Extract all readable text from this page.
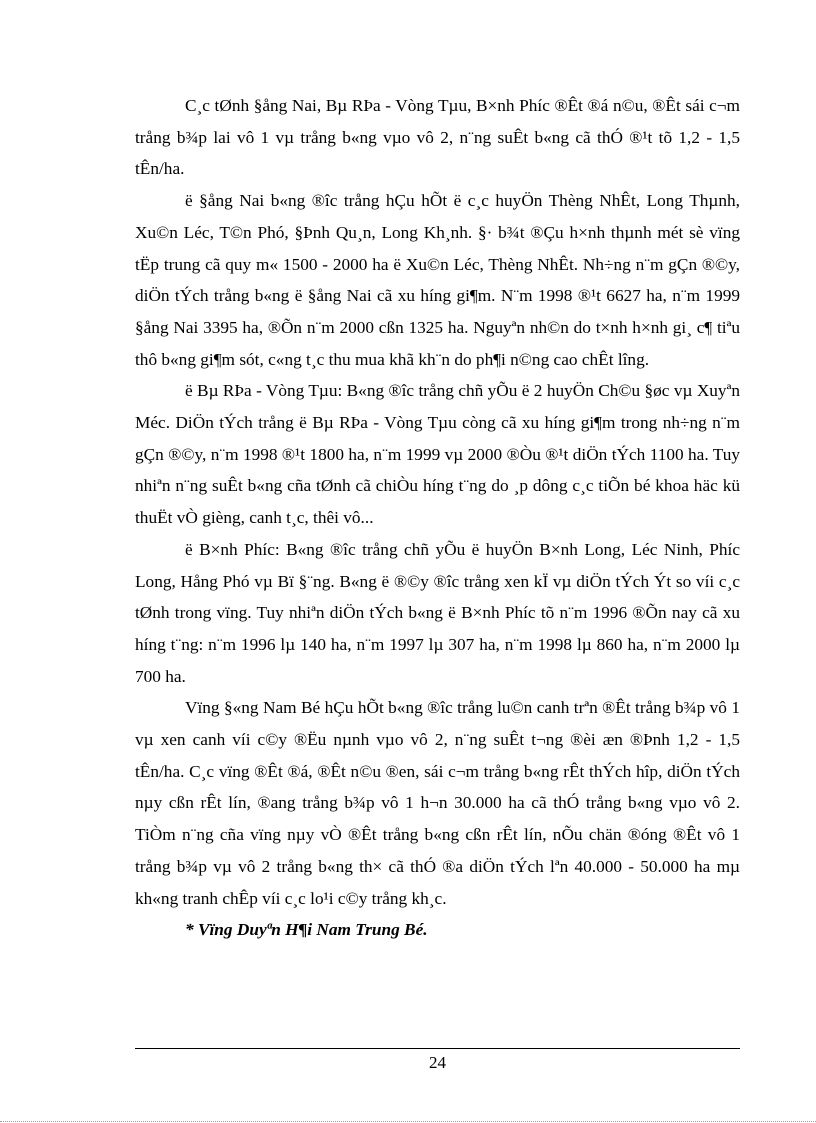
C¸c tØnh §ång Nai, Bµ RÞa - Vòng Tµu, B×nh Phíc ®Êt ®á n©u, ®Êt sái c¬m trång b¾p lai vô 1 vµ trång b«ng vµo vô 2, n¨ng suÊt b«ng cã thÓ ®¹t tõ 1,2 - 1,5 tÊn/ha.

ë §ång Nai b«ng ®îc trång hÇu hÕt ë c¸c huyÖn Thèng NhÊt, Long Thµnh, Xu©n Léc, T©n Phó, §Þnh Qu¸n, Long Kh¸nh. §· b¾t ®Çu h×nh thµnh mét sè vïng tËp trung cã quy m« 1500 - 2000 ha ë Xu©n Léc, Thèng NhÊt. Nh÷ng n¨m gÇn ®©y, diÖn tÝch trång b«ng ë §ång Nai cã xu híng gi¶m. N¨m 1998 ®¹t 6627 ha, n¨m 1999 §ång Nai 3395 ha, ®Õn n¨m 2000 cßn 1325 ha. Nguyªn nh©n do t×nh h×nh gi¸ c¶ tiªu thô b«ng gi¶m sót, c«ng t¸c thu mua khã kh¨n do ph¶i n©ng cao chÊt lîng.

ë Bµ RÞa - Vòng Tµu: B«ng ®îc trång chñ yÕu ë 2 huyÖn Ch©u §øc vµ Xuyªn Méc. DiÖn tÝch trång ë Bµ RÞa - Vòng Tµu còng cã xu híng gi¶m trong nh÷ng n¨m gÇn ®©y, n¨m 1998 ®¹t 1800 ha, n¨m 1999 vµ 2000 ®Òu ®¹t diÖn tÝch 1100 ha. Tuy nhiªn n¨ng suÊt b«ng cña tØnh cã chiÒu híng t¨ng do ¸p dông c¸c tiÕn bé khoa häc kü thuËt vÒ gièng, canh t¸c, thêi vô...

ë B×nh Phíc: B«ng ®îc trång chñ yÕu ë huyÖn B×nh Long, Léc Ninh, Phíc Long, Hång Phó vµ Bï §¨ng. B«ng ë ®©y ®îc trång xen kÏ vµ diÖn tÝch Ýt so víi c¸c tØnh trong vïng. Tuy nhiªn diÖn tÝch b«ng ë B×nh Phíc tõ n¨m 1996 ®Õn nay cã xu híng t¨ng: n¨m 1996 lµ 140 ha, n¨m 1997 lµ 307 ha, n¨m 1998 lµ 860 ha, n¨m 2000 lµ 700 ha.

Vïng §«ng Nam Bé hÇu hÕt b«ng ®îc trång lu©n canh trªn ®Êt trång b¾p vô 1 vµ xen canh víi c©y ®Ëu nµnh vµo vô 2, n¨ng suÊt t¬ng ®èi æn ®Þnh 1,2 - 1,5 tÊn/ha. C¸c vïng ®Êt ®á, ®Êt n©u ®en, sái c¬m trång b«ng rÊt thÝch hîp, diÖn tÝch nµy cßn rÊt lín, ®ang trång b¾p vô 1 h¬n 30.000 ha cã thÓ trång b«ng vµo vô 2. TiÒm n¨ng cña vïng nµy vÒ ®Êt trång b«ng cßn rÊt lín, nÕu chän ®óng ®Êt vô 1 trång b¾p vµ vô 2 trång b«ng th× cã thÓ ®a diÖn tÝch lªn 40.000 - 50.000 ha mµ kh«ng tranh chÊp víi c¸c lo¹i c©y trång kh¸c.

* Vïng Duyªn H¶i Nam Trung Bé.

24
